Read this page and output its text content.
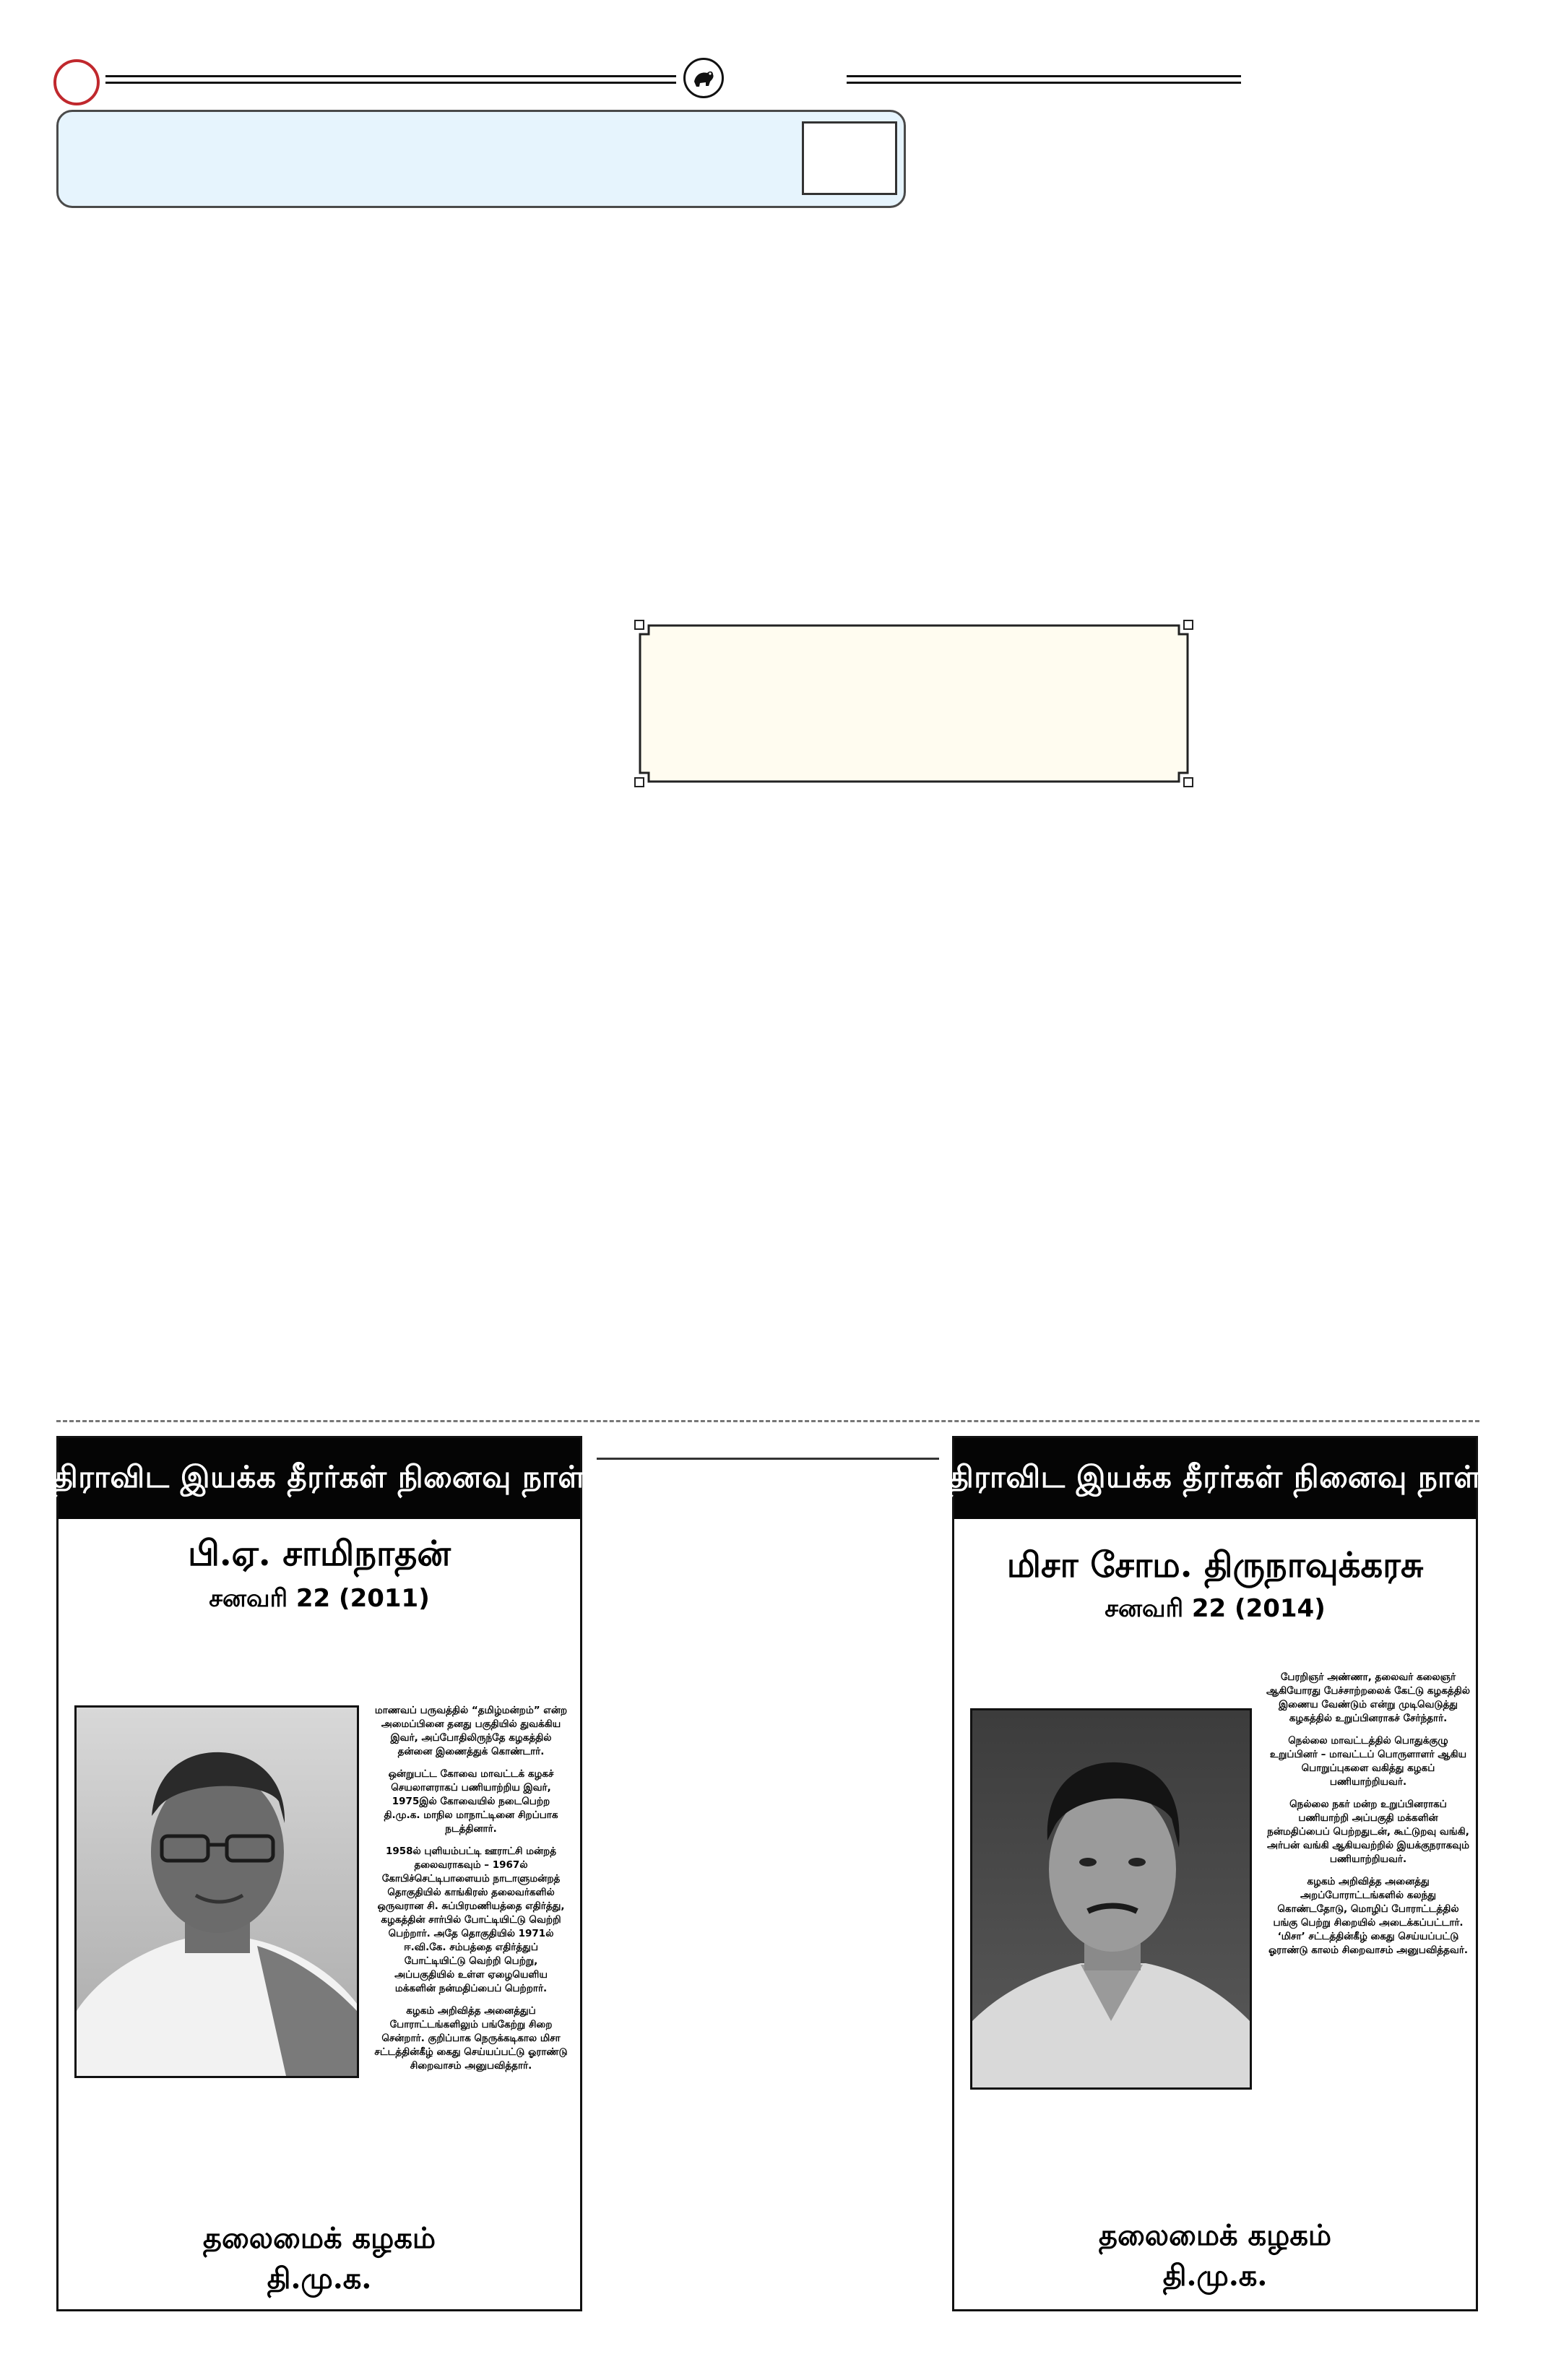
திராவிட இயக்க தீரர்கள் நினைவு நாள்
பி.ஏ. சாமிநாதன்
சனவரி 22 (2011)

மாணவப் பருவத்தில் “தமிழ்மன்றம்” என்ற அமைப்பினை தனது பகுதியில் துவக்கிய இவர், அப்போதிலிருந்தே கழகத்தில் தன்னை இணைத்துக் கொண்டார்.

ஒன்றுபட்ட கோவை மாவட்டக் கழகச் செயலாளராகப் பணியாற்றிய இவர், 1975இல் கோவையில் நடைபெற்ற தி.மு.க. மாநில மாநாட்டினை சிறப்பாக நடத்தினார்.

1958ல் புளியம்பட்டி ஊராட்சி மன்றத் தலைவராகவும் – 1967ல் கோபிச்செட்டிபாளையம் நாடாளுமன்றத் தொகுதியில் காங்கிரஸ் தலைவர்களில் ஒருவரான சி. சுப்பிரமணியத்தை எதிர்த்து, கழகத்தின் சார்பில் போட்டியிட்டு வெற்றி பெற்றார். அதே தொகுதியில் 1971ல் ஈ.வி.கே. சம்பத்தை எதிர்த்துப் போட்டியிட்டு வெற்றி பெற்று, அப்பகுதியில் உள்ள ஏழையெளிய மக்களின் நன்மதிப்பைப் பெற்றார்.

கழகம் அறிவித்த அனைத்துப் போராட்டங்களிலும் பங்கேற்று சிறை சென்றார். குறிப்பாக நெருக்கடிகால மிசா சட்டத்தின்கீழ் கைது செய்யப்பட்டு ஓராண்டு சிறைவாசம் அனுபவித்தார்.

தலைமைக் கழகம்
தி.மு.க.
திராவிட இயக்க தீரர்கள் நினைவு நாள்
மிசா சோம. திருநாவுக்கரசு
சனவரி 22 (2014)

பேரறிஞர் அண்ணா, தலைவர் கலைஞர் ஆகியோரது பேச்சாற்றலைக் கேட்டு கழகத்தில் இணைய வேண்டும் என்று முடிவெடுத்து கழகத்தில் உறுப்பினராகச் சேர்ந்தார்.

நெல்லை மாவட்டத்தில் பொதுக்குழு உறுப்பினர் – மாவட்டப் பொருளாளர் ஆகிய பொறுப்புகளை வகித்து கழகப் பணியாற்றியவர்.

நெல்லை நகர் மன்ற உறுப்பினராகப் பணியாற்றி அப்பகுதி மக்களின் நன்மதிப்பைப் பெற்றதுடன், கூட்டுறவு வங்கி, அர்பன் வங்கி ஆகியவற்றில் இயக்குநராகவும் பணியாற்றியவர்.

கழகம் அறிவித்த அனைத்து அறப்போராட்டங்களில் கலந்து கொண்டதோடு, மொழிப் போராட்டத்தில் பங்கு பெற்று சிறையில் அடைக்கப்பட்டார். ‘மிசா’ சட்டத்தின்கீழ் கைது செய்யப்பட்டு ஓராண்டு காலம் சிறைவாசம் அனுபவித்தவர்.

தலைமைக் கழகம்
தி.மு.க.
